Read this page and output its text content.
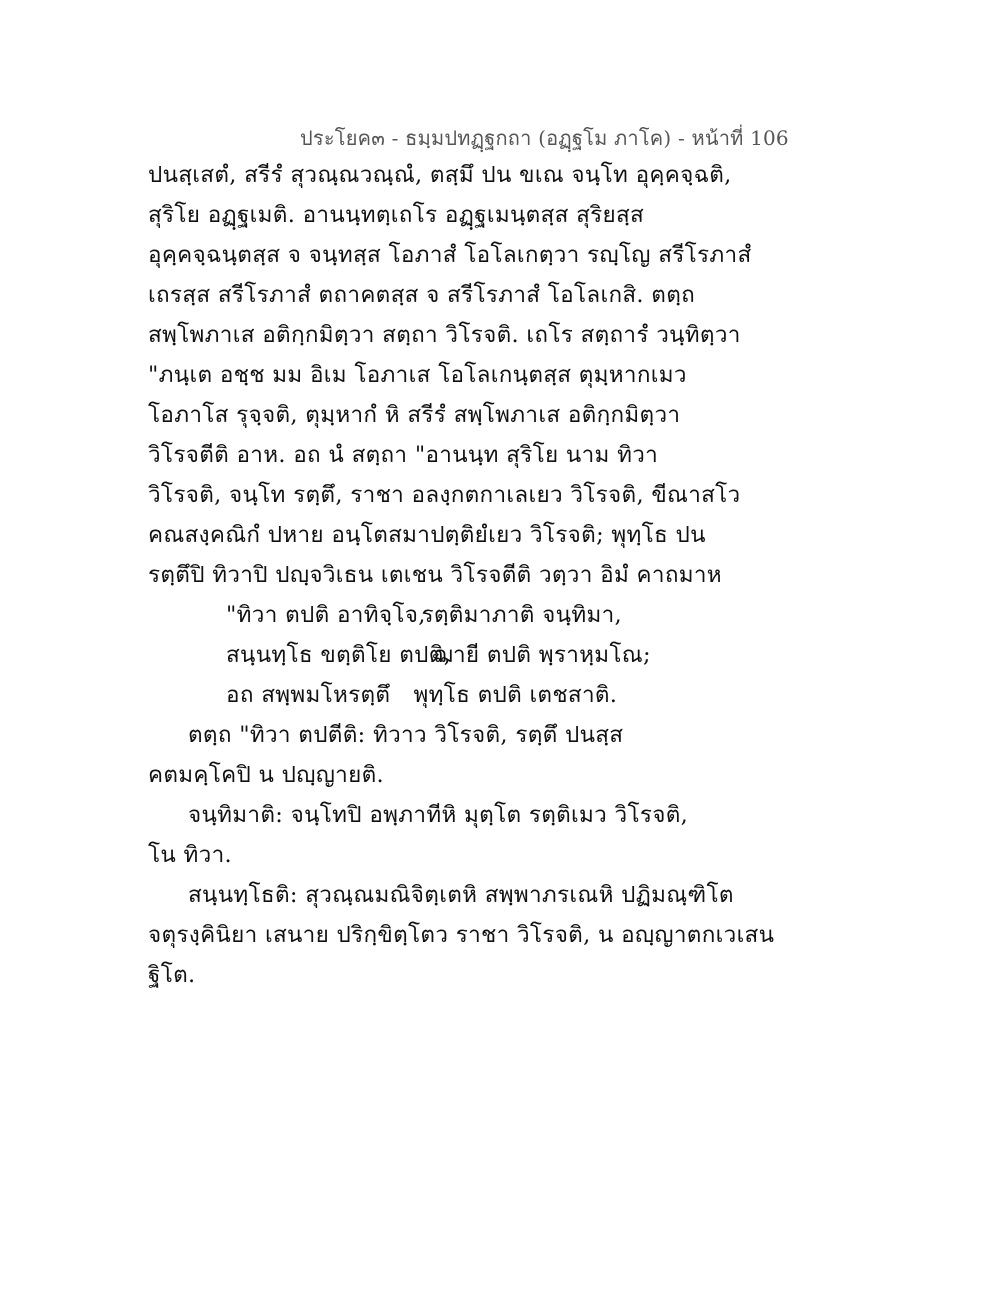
ประโยค๓ - ธมฺมปทฏฺฐกถา (อฏฺฐโม ภาโค) - หน้าที่ 106
ปนสฺเสตํ, สรีรํ สุวณฺณวณฺณํ, ตสฺมึ ปน ขเณ จนฺโท อุคฺคจฺฉติ,
สุริโย อฏฺฐเมติ. อานนฺทตฺเถโร อฏฺฐเมนฺตสฺส สุริยสฺส
อุคฺคจฺฉนฺตสฺส จ จนฺทสฺส โอภาสํ โอโลเกตฺวา รญฺโญ สรีโรภาสํ
เถรสฺส สรีโรภาสํ ตถาคตสฺส จ สรีโรภาสํ โอโลเกสิ. ตตฺถ
สพฺโพภาเส อติกฺกมิตฺวา สตฺถา วิโรจติ. เถโร สตฺถารํ วนฺทิตฺวา
"ภนฺเต อชฺช มม อิเม โอภาเส โอโลเกนฺตสฺส ตุมฺหากเมว
โอภาโส รุจฺจติ, ตุมฺหากํ หิ สรีรํ สพฺโพภาเส อติกฺกมิตฺวา
วิโรจตีติ อาห. อถ นํ สตฺถา "อานนฺท สุริโย นาม ทิวา
วิโรจติ, จนฺโท รตฺตึ, ราชา อลงฺกตกาเลเยว วิโรจติ, ขีณาสโว
คณสงฺคณิกํ ปหาย อนฺโตสมาปตฺติยํเยว วิโรจติ; พุทฺโธ ปน
รตฺตึปิ ทิวาปิ ปญฺจวิเธน เตเชน วิโรจตีติ วตฺวา อิมํ คาถมาห
"ทิวา ตปติ อาทิจฺโจ, รตฺติมาภาติ จนฺทิมา,
สนฺนทฺโธ ขตฺติโย ตปติ, ฌายี ตปติ พฺราหฺมโณ;
อถ สพฺพมโหรตฺตึ พุทฺโธ ตปติ เตชสาติ.
ตตฺถ "ทิวา ตปตีติ: ทิวาว วิโรจติ, รตฺตึ ปนสฺส
คตมคฺโคปิ น ปญฺญายติ.
จนฺทิมาติ: จนฺโทปิ อพฺภาทีหิ มุตฺโต รตฺติเมว วิโรจติ,
โน ทิวา.
สนฺนทฺโธติ: สุวณฺณมณิจิตฺเตหิ สพฺพาภรเณหิ ปฏิมณฺฑิโต
จตุรงฺคินิยา เสนาย ปริกฺขิตฺโตว ราชา วิโรจติ, น อญฺญาตกเวเสน
ฐิโต.
